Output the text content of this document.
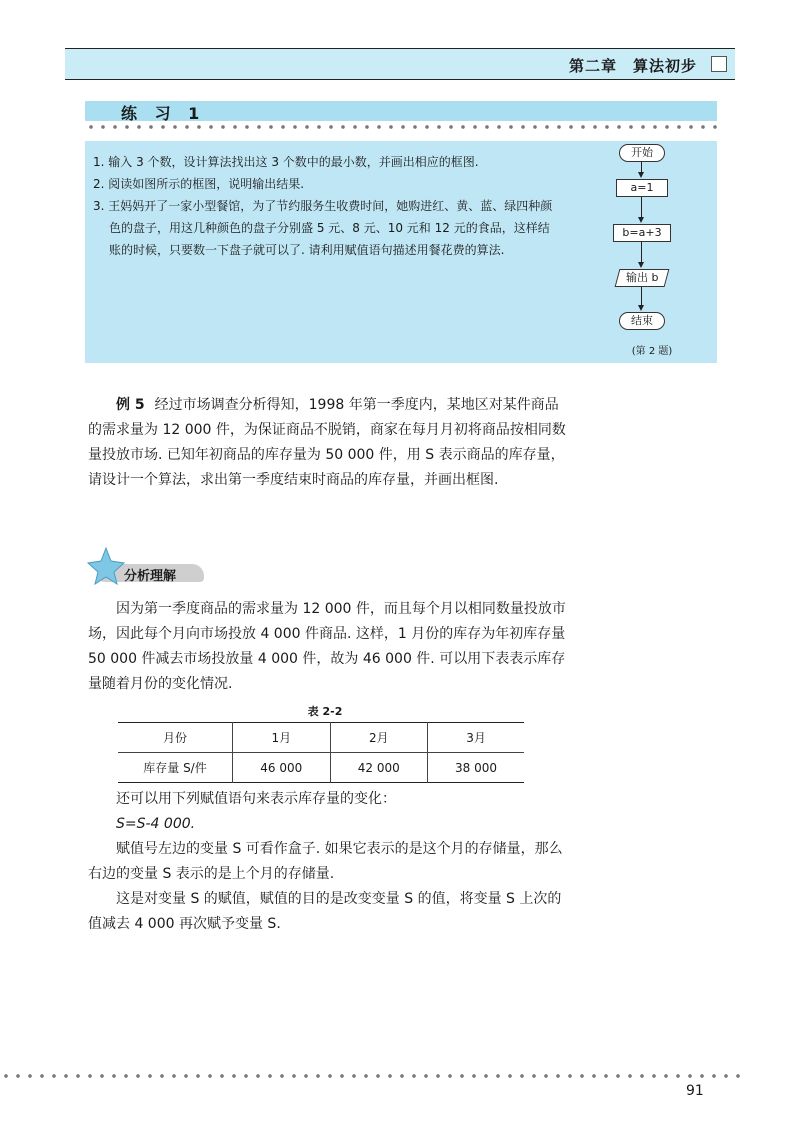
第二章　算法初步
练 习 1
1. 输入 3 个数，设计算法找出这 3 个数中的最小数，并画出相应的框图.
2. 阅读如图所示的框图，说明输出结果.
3. 王妈妈开了一家小型餐馆，为了节约服务生收费时间，她购进红、黄、蓝、绿四种颜色的盘子，用这几种颜色的盘子分别盛 5 元、8 元、10 元和 12 元的食品，这样结账的时候，只要数一下盘子就可以了. 请利用赋值语句描述用餐花费的算法.
开始
a=1
b=a+3
输出 b
结束
(第 2 题)

例 5 经过市场调查分析得知，1998 年第一季度内，某地区对某件商品的需求量为 12 000 件，为保证商品不脱销，商家在每月月初将商品按相同数量投放市场. 已知年初商品的库存量为 50 000 件，用 S 表示商品的库存量，请设计一个算法，求出第一季度结束时商品的库存量，并画出框图.

分析理解

因为第一季度商品的需求量为 12 000 件，而且每个月以相同数量投放市场，因此每个月向市场投放 4 000 件商品. 这样，1 月份的库存为年初库存量 50 000 件减去市场投放量 4 000 件，故为 46 000 件. 可以用下表表示库存量随着月份的变化情况.

表 2-2
月份	1月	2月	3月
库存量 S/件	46 000	42 000	38 000

还可以用下列赋值语句来表示库存量的变化：

S=S-4 000.

赋值号左边的变量 S 可看作盒子. 如果它表示的是这个月的存储量，那么右边的变量 S 表示的是上个月的存储量.

这是对变量 S 的赋值，赋值的目的是改变变量 S 的值，将变量 S 上次的值减去 4 000 再次赋予变量 S.

91
